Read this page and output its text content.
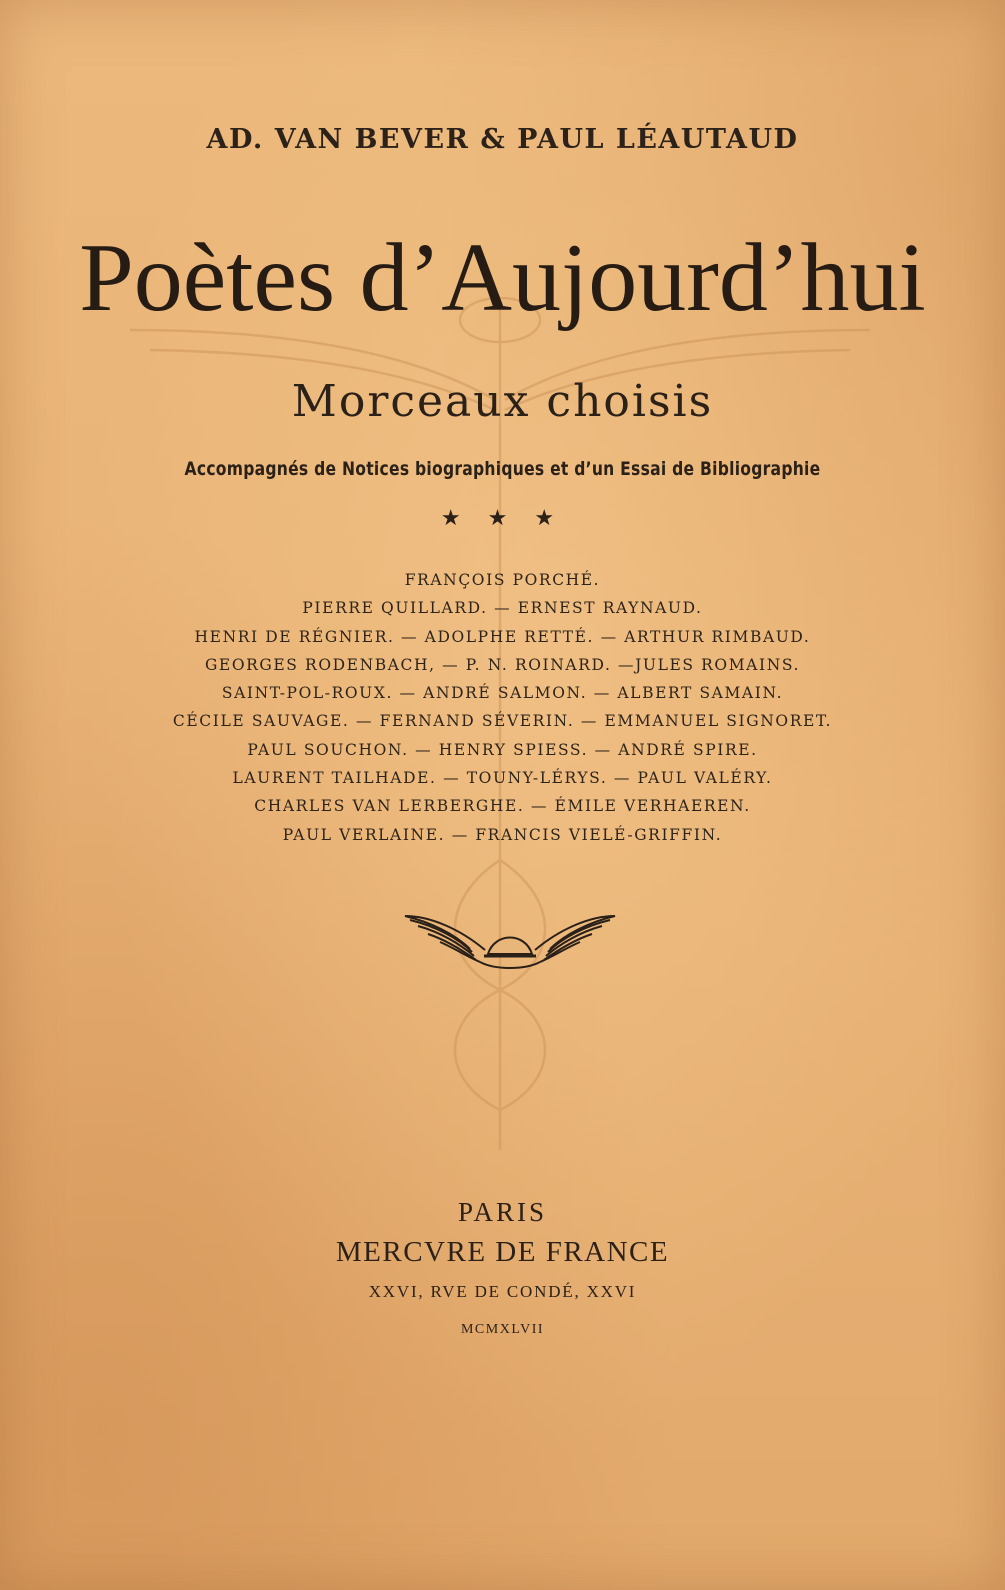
AD. VAN BEVER & PAUL LÉAUTAUD
Poètes d’Aujourd’hui
Morceaux choisis
Accompagnés de Notices biographiques et d’un Essai de Bibliographie
★ ★ ★
FRANÇOIS PORCHÉ.
PIERRE QUILLARD. — ERNEST RAYNAUD.
HENRI DE RÉGNIER. — ADOLPHE RETTÉ. — ARTHUR RIMBAUD.
GEORGES RODENBACH, — P. N. ROINARD. —JULES ROMAINS.
SAINT-POL-ROUX. — ANDRÉ SALMON. — ALBERT SAMAIN.
CÉCILE SAUVAGE. — FERNAND SÉVERIN. — EMMANUEL SIGNORET.
PAUL SOUCHON. — HENRY SPIESS. — ANDRÉ SPIRE.
LAURENT TAILHADE. — TOUNY-LÉRYS. — PAUL VALÉRY.
CHARLES VAN LERBERGHE. — ÉMILE VERHAEREN.
PAUL VERLAINE. — FRANCIS VIELÉ-GRIFFIN.
PARIS
MERCVRE DE FRANCE
XXVI, RVE DE CONDÉ, XXVI
MCMXLVII
